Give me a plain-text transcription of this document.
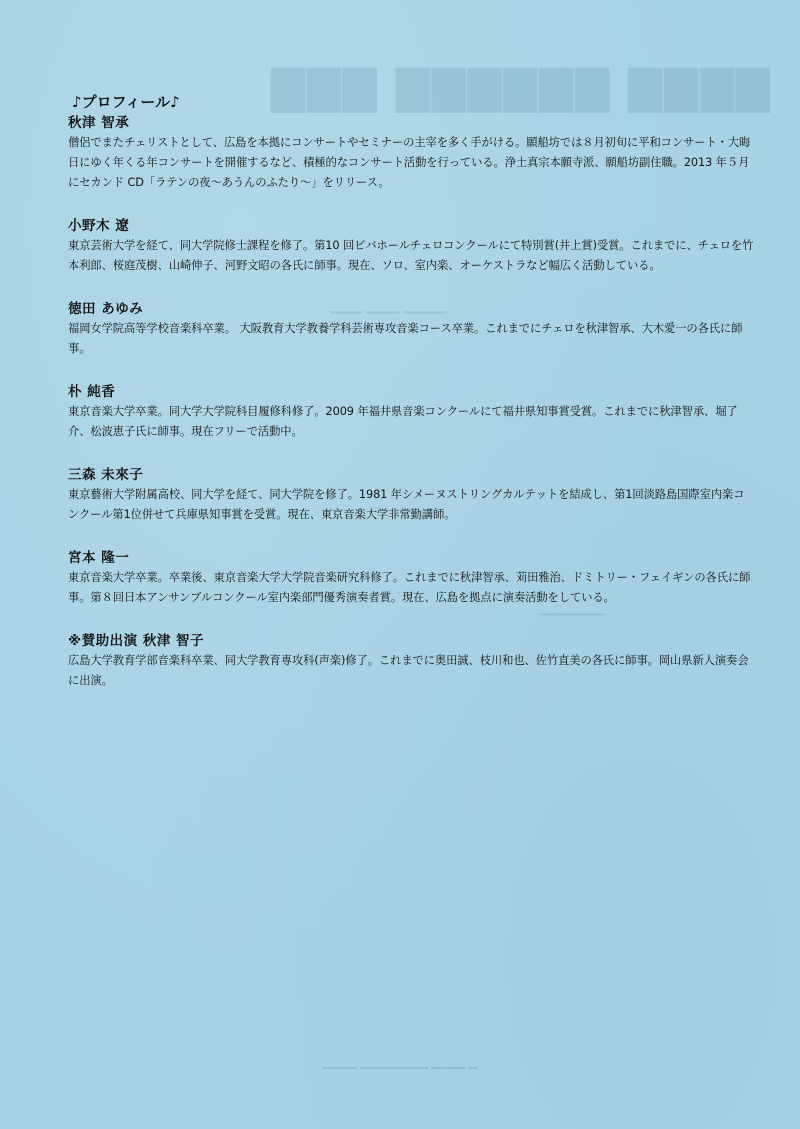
▇▇▇▇ ▇▇▇▇▇▇ ▇▇▇
▁▁▁ ▁▁▁ ▁▁▁▁
▁▁▁▁▁▁
▁ ▁▁▁▁ ▁▁▁▁▁▁▁▁ ▁▁▁▁
♪プロフィール♪
秋津 智承

僧侶でまたチェリストとして、広島を本拠にコンサートやセミナーの主宰を多く手がける。願船坊では８月初旬に平和コンサート・大晦日にゆく年くる年コンサートを開催するなど、積極的なコンサート活動を行っている。浄土真宗本願寺派、願船坊副住職。2013 年５月にセカンド CD「ラテンの夜～あうんのふたり～」をリリース。

小野木 遼

東京芸術大学を経て、同大学院修士課程を修了。第10 回ビバホールチェロコンクールにて特別賞(井上賞)受賞。これまでに、チェロを竹本利郎、桜庭茂樹、山崎伸子、河野文昭の各氏に師事。現在、ソロ、室内楽、オーケストラなど幅広く活動している。

徳田 あゆみ

福岡女学院高等学校音楽科卒業。 大阪教育大学教養学科芸術専攻音楽コース卒業。これまでにチェロを秋津智承、大木愛一の各氏に師事。

朴 純香

東京音楽大学卒業。同大学大学院科目履修科修了。2009 年福井県音楽コンクールにて福井県知事賞受賞。これまでに秋津智承、堀了介、松波恵子氏に師事。現在フリーで活動中。

三森 未來子

東京藝術大学附属高校、同大学を経て、同大学院を修了。1981 年シメーヌストリングカルテットを結成し、第1回淡路島国際室内楽コンクール第1位併せて兵庫県知事賞を受賞。現在、東京音楽大学非常勤講師。

宮本 隆一

東京音楽大学卒業。卒業後、東京音楽大学大学院音楽研究科修了。これまでに秋津智承、苅田雅治、ドミトリー・フェイギンの各氏に師事。第８回日本アンサンブルコンクール室内楽部門優秀演奏者賞。現在、広島を拠点に演奏活動をしている。

※賛助出演 秋津 智子

広島大学教育学部音楽科卒業、同大学教育専攻科(声楽)修了。これまでに奥田誠、枝川和也、佐竹直美の各氏に師事。岡山県新人演奏会に出演。
